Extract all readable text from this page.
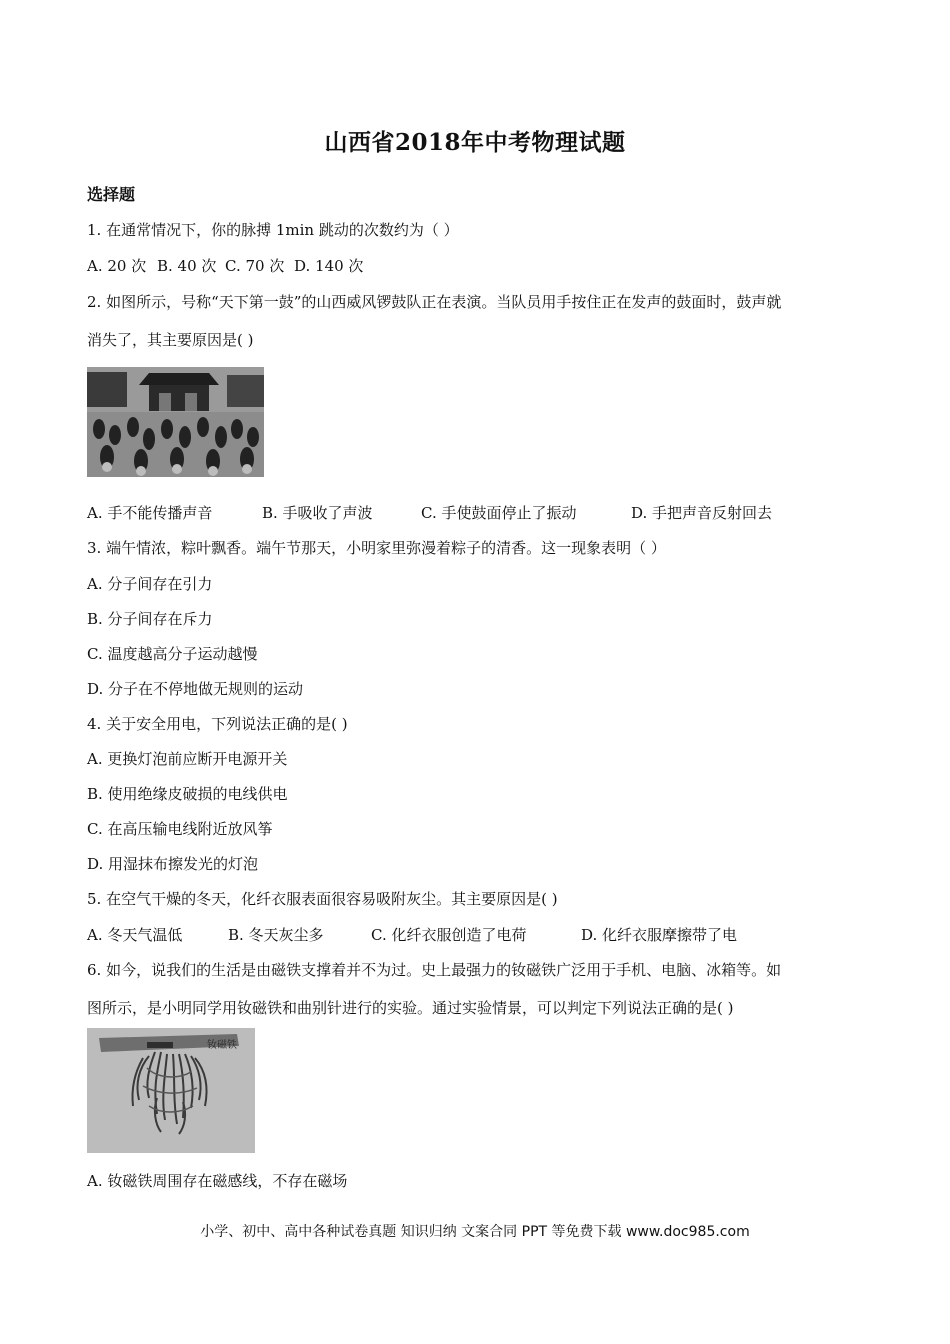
山西省2018年中考物理试题
选择题
1. 在通常情况下，你的脉搏 1min 跳动的次数约为（ ）
A. 20 次 B. 40 次 C. 70 次 D. 140 次
2. 如图所示，号称“天下第一鼓”的山西威风锣鼓队正在表演。当队员用手按住正在发声的鼓面时，鼓声就
消失了，其主要原因是( )
A. 手不能传播声音	B. 手吸收了声波	C. 手使鼓面停止了振动	D. 手把声音反射回去
3. 端午情浓，粽叶飘香。端午节那天，小明家里弥漫着粽子的清香。这一现象表明（ ）
A. 分子间存在引力
B. 分子间存在斥力
C. 温度越高分子运动越慢
D. 分子在不停地做无规则的运动
4. 关于安全用电，下列说法正确的是( )
A. 更换灯泡前应断开电源开关
B. 使用绝缘皮破损的电线供电
C. 在高压输电线附近放风筝
D. 用湿抹布擦发光的灯泡
5. 在空气干燥的冬天，化纤衣服表面很容易吸附灰尘。其主要原因是( )
A. 冬天气温低	B. 冬天灰尘多	C. 化纤衣服创造了电荷	D. 化纤衣服摩擦带了电
6. 如今，说我们的生活是由磁铁支撑着并不为过。史上最强力的钕磁铁广泛用于手机、电脑、冰箱等。如
图所示，是小明同学用钕磁铁和曲别针进行的实验。通过实验情景，可以判定下列说法正确的是( )
钕磁铁
A. 钕磁铁周围存在磁感线，不存在磁场
小学、初中、高中各种试卷真题 知识归纳 文案合同 PPT 等免费下载 www.doc985.com
